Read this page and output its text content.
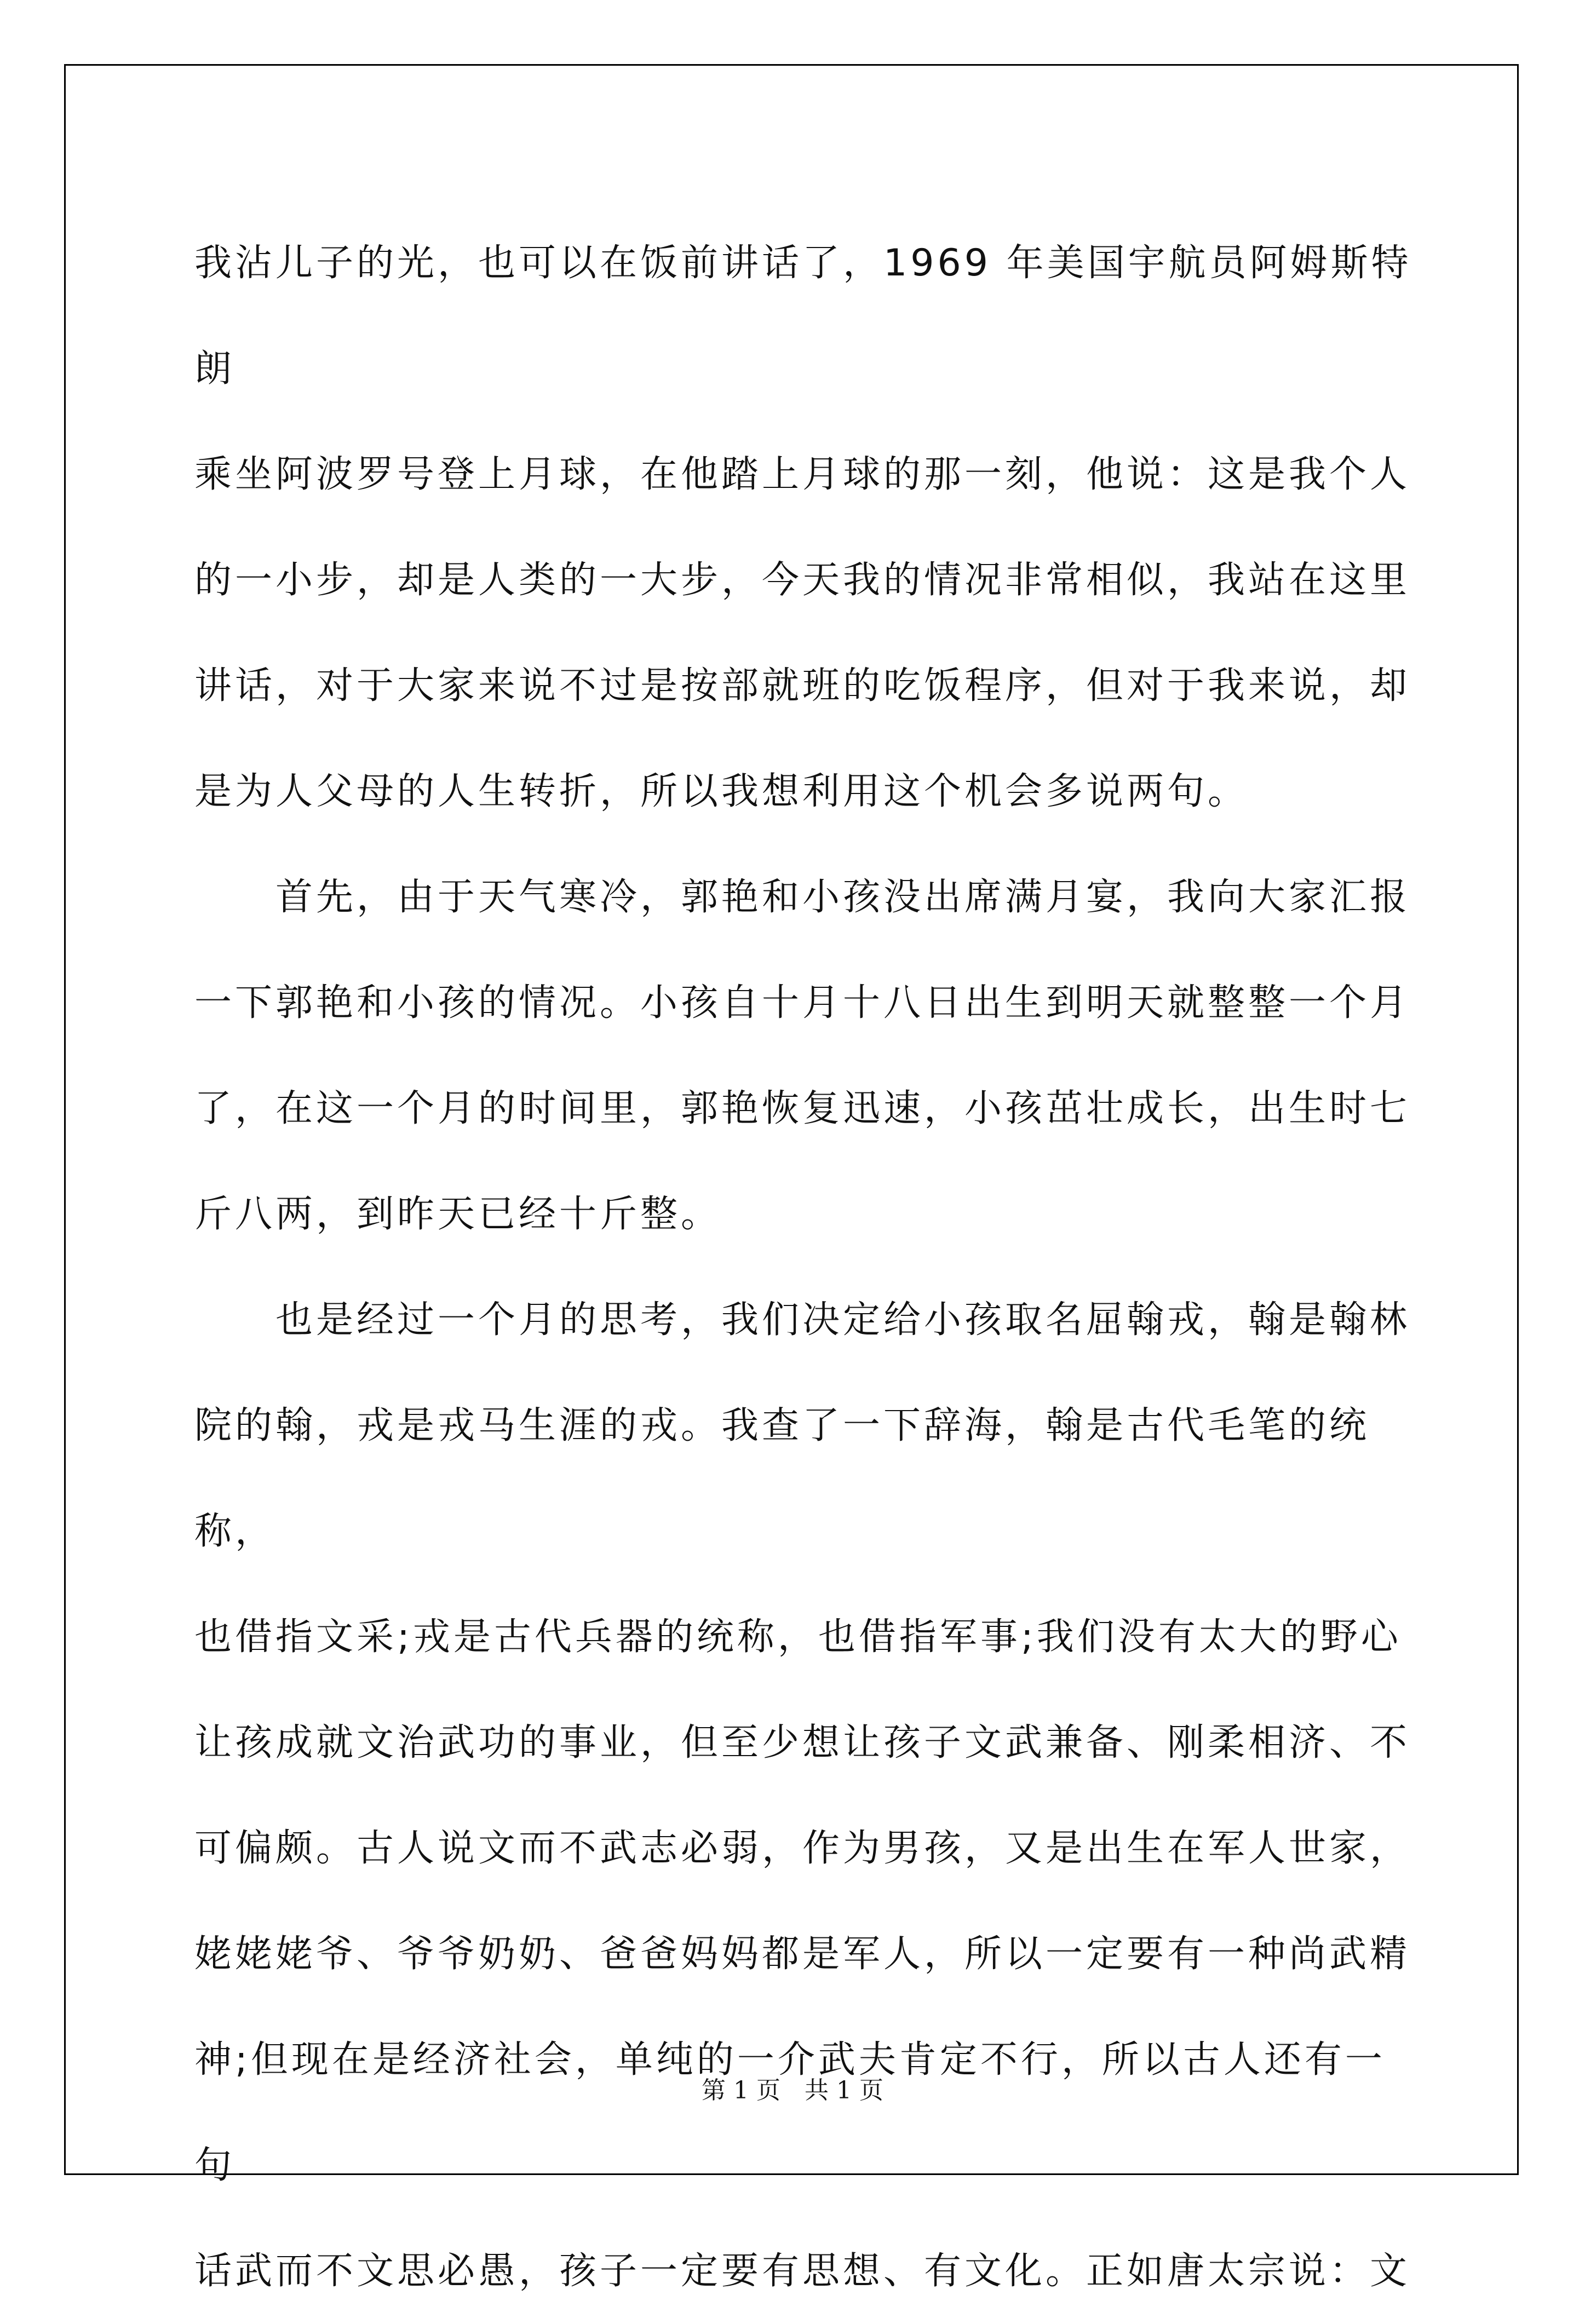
我沾儿子的光，也可以在饭前讲话了，1969 年美国宇航员阿姆斯特朗

乘坐阿波罗号登上月球，在他踏上月球的那一刻，他说：这是我个人

的一小步，却是人类的一大步，今天我的情况非常相似，我站在这里

讲话，对于大家来说不过是按部就班的吃饭程序，但对于我来说，却

是为人父母的人生转折，所以我想利用这个机会多说两句。

　　首先，由于天气寒冷，郭艳和小孩没出席满月宴，我向大家汇报

一下郭艳和小孩的情况。小孩自十月十八日出生到明天就整整一个月

了，在这一个月的时间里，郭艳恢复迅速，小孩茁壮成长，出生时七

斤八两，到昨天已经十斤整。

　　也是经过一个月的思考，我们决定给小孩取名屈翰戎，翰是翰林

院的翰，戎是戎马生涯的戎。我查了一下辞海，翰是古代毛笔的统称，

也借指文采;戎是古代兵器的统称，也借指军事;我们没有太大的野心

让孩成就文治武功的事业，但至少想让孩子文武兼备、刚柔相济、不

可偏颇。古人说文而不武志必弱，作为男孩，又是出生在军人世家，

姥姥姥爷、爷爷奶奶、爸爸妈妈都是军人，所以一定要有一种尚武精

神;但现在是经济社会，单纯的一介武夫肯定不行，所以古人还有一句

话武而不文思必愚，孩子一定要有思想、有文化。正如唐太宗说：文

第 1 页　共 1 页
